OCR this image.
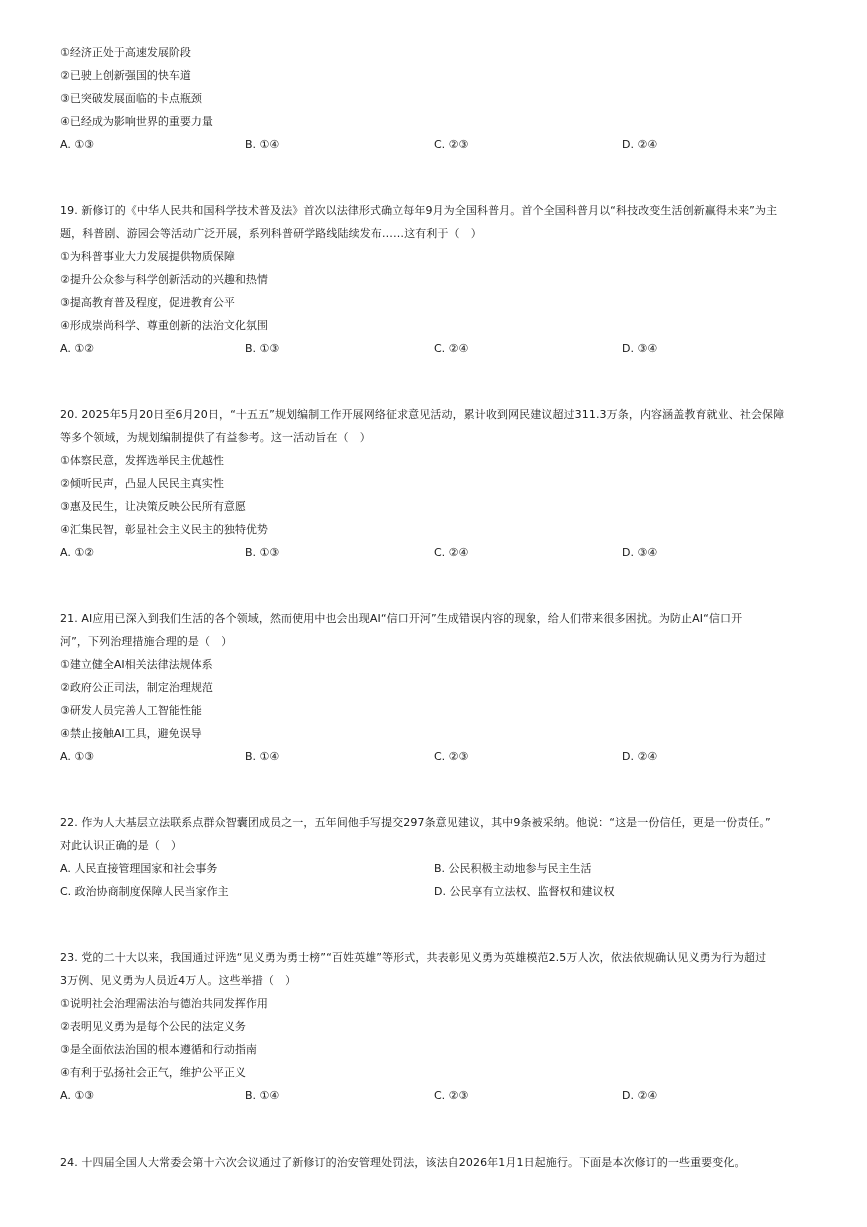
①经济正处于高速发展阶段
②已驶上创新强国的快车道
③已突破发展面临的卡点瓶颈
④已经成为影响世界的重要力量
A. ①③	B. ①④	C. ②③	D. ②④
19. 新修订的《中华人民共和国科学技术普及法》首次以法律形式确立每年9月为全国科普月。首个全国科普月以“科技改变生活创新赢得未来”为主
题，科普剧、游园会等活动广泛开展，系列科普研学路线陆续发布……这有利于（　）
①为科普事业大力发展提供物质保障
②提升公众参与科学创新活动的兴趣和热情
③提高教育普及程度，促进教育公平
④形成崇尚科学、尊重创新的法治文化氛围
A. ①②	B. ①③	C. ②④	D. ③④
20. 2025年5月20日至6月20日，“十五五”规划编制工作开展网络征求意见活动，累计收到网民建议超过311.3万条，内容涵盖教育就业、社会保障
等多个领域，为规划编制提供了有益参考。这一活动旨在（　）
①体察民意，发挥选举民主优越性
②倾听民声，凸显人民民主真实性
③惠及民生，让决策反映公民所有意愿
④汇集民智，彰显社会主义民主的独特优势
A. ①②	B. ①③	C. ②④	D. ③④
21. AI应用已深入到我们生活的各个领域，然而使用中也会出现AI“信口开河”生成错误内容的现象，给人们带来很多困扰。为防止AI“信口开
河”，下列治理措施合理的是（　）
①建立健全AI相关法律法规体系
②政府公正司法，制定治理规范
③研发人员完善人工智能性能
④禁止接触AI工具，避免误导
A. ①③	B. ①④	C. ②③	D. ②④
22. 作为人大基层立法联系点群众智囊团成员之一，五年间他手写提交297条意见建议，其中9条被采纳。他说：“这是一份信任，更是一份责任。”
对此认识正确的是（　）
A. 人民直接管理国家和社会事务	B. 公民积极主动地参与民主生活
C. 政治协商制度保障人民当家作主	D. 公民享有立法权、监督权和建议权
23. 党的二十大以来，我国通过评选“见义勇为勇士榜”“百姓英雄”等形式，共表彰见义勇为英雄模范2.5万人次，依法依规确认见义勇为行为超过
3万例、见义勇为人员近4万人。这些举措（　）
①说明社会治理需法治与德治共同发挥作用
②表明见义勇为是每个公民的法定义务
③是全面依法治国的根本遵循和行动指南
④有利于弘扬社会正气，维护公平正义
A. ①③	B. ①④	C. ②③	D. ②④
24. 十四届全国人大常委会第十六次会议通过了新修订的治安管理处罚法，该法自2026年1月1日起施行。下面是本次修订的一些重要变化。
